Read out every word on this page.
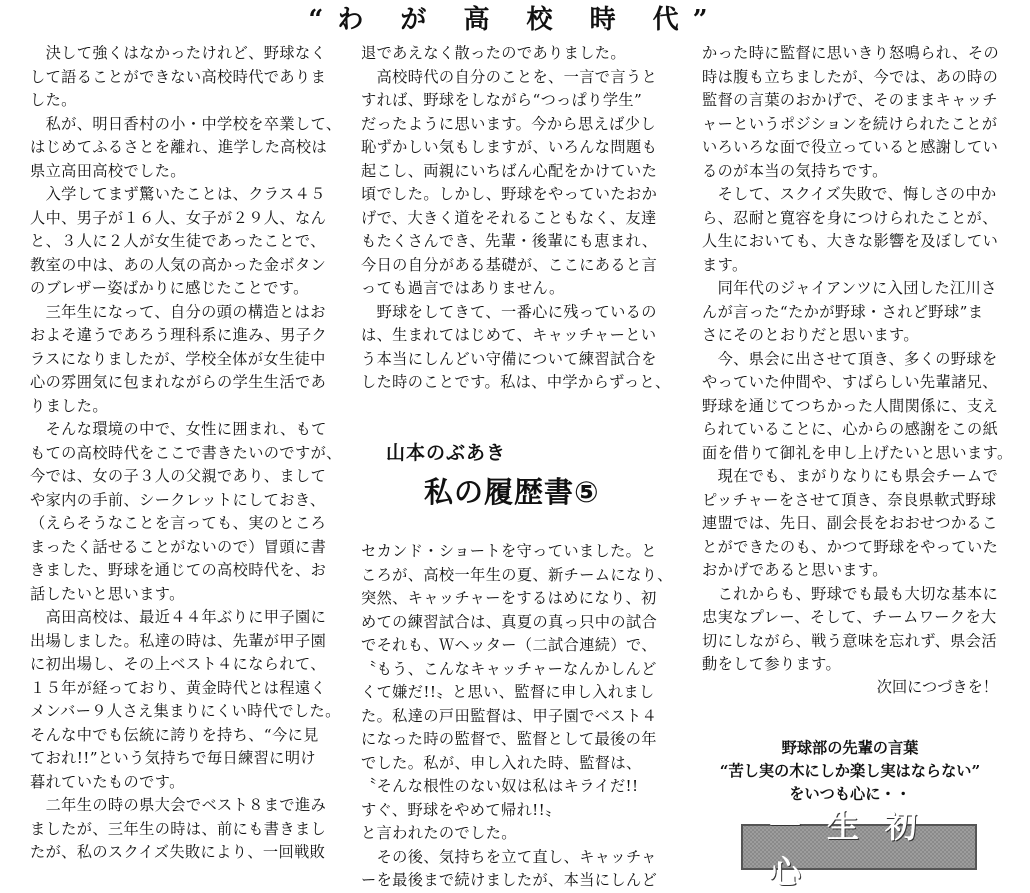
“わ が 高 校 時 代”

　決して強くはなかったけれど、野球なく

して語ることができない高校時代でありま

した。

　私が、明日香村の小・中学校を卒業して、

はじめてふるさとを離れ、進学した高校は

県立高田高校でした。

　入学してまず驚いたことは、クラス４５

人中、男子が１６人、女子が２９人、なん

と、３人に２人が女生徒であったことで、

教室の中は、あの人気の高かった金ボタン

のブレザー姿ばかりに感じたことです。

　三年生になって、自分の頭の構造とはお

およそ違うであろう理科系に進み、男子ク

ラスになりましたが、学校全体が女生徒中

心の雰囲気に包まれながらの学生生活であ

りました。

　そんな環境の中で、女性に囲まれ、もて

もての高校時代をここで書きたいのですが、

今では、女の子３人の父親であり、まして

や家内の手前、シークレットにしておき、

（えらそうなことを言っても、実のところ

まったく話せることがないので）冒頭に書

きました、野球を通じての高校時代を、お

話したいと思います。

　高田高校は、最近４４年ぶりに甲子園に

出場しました。私達の時は、先輩が甲子園

に初出場し、その上ベスト４になられて、

１５年が経っており、黄金時代とは程遠く

メンバー９人さえ集まりにくい時代でした。

そんな中でも伝統に誇りを持ち、“今に見

ておれ!!”という気持ちで毎日練習に明け

暮れていたものです。

　二年生の時の県大会でベスト８まで進み

ましたが、三年生の時は、前にも書きまし

たが、私のスクイズ失敗により、一回戦敗

退であえなく散ったのでありました。

　高校時代の自分のことを、一言で言うと

すれば、野球をしながら“つっぱり学生”

だったように思います。今から思えば少し

恥ずかしい気もしますが、いろんな問題も

起こし、両親にいちばん心配をかけていた

頃でした。しかし、野球をやっていたおか

げで、大きく道をそれることもなく、友達

もたくさんでき、先輩・後輩にも恵まれ、

今日の自分がある基礎が、ここにあると言

っても過言ではありません。

　野球をしてきて、一番心に残っているの

は、生まれてはじめて、キャッチャーとい

う本当にしんどい守備について練習試合を

した時のことです。私は、中学からずっと、

山本のぶあき
私の履歴書⑤

セカンド・ショートを守っていました。と

ころが、高校一年生の夏、新チームになり、

突然、キャッチャーをするはめになり、初

めての練習試合は、真夏の真っ只中の試合

でそれも、Ｗヘッター（二試合連続）で、

〝もう、こんなキャッチャーなんかしんど

くて嫌だ!!〟と思い、監督に申し入れまし

た。私達の戸田監督は、甲子園でベスト４

になった時の監督で、監督として最後の年

でした。私が、申し入れた時、監督は、

〝そんな根性のない奴は私はキライだ!!

すぐ、野球をやめて帰れ!!〟

と言われたのでした。

　その後、気持ちを立て直し、キャッチャ

ーを最後まで続けましたが、本当にしんど

かった時に監督に思いきり怒鳴られ、その

時は腹も立ちましたが、今では、あの時の

監督の言葉のおかげで、そのままキャッチ

ャーというポジションを続けられたことが

いろいろな面で役立っていると感謝してい

るのが本当の気持ちです。

　そして、スクイズ失敗で、悔しさの中か

ら、忍耐と寛容を身につけられたことが、

人生においても、大きな影響を及ぼしてい

ます。

　同年代のジャイアンツに入団した江川さ

んが言った“たかが野球・されど野球”ま

さにそのとおりだと思います。

　今、県会に出させて頂き、多くの野球を

やっていた仲間や、すばらしい先輩諸兄、

野球を通じてつちかった人間関係に、支え

られていることに、心からの感謝をこの紙

面を借りて御礼を申し上げたいと思います。

　現在でも、まがりなりにも県会チームで

ピッチャーをさせて頂き、奈良県軟式野球

連盟では、先日、副会長をおおせつかるこ

とができたのも、かつて野球をやっていた

おかげであると思います。

　これからも、野球でも最も大切な基本に

忠実なプレー、そして、チームワークを大

切にしながら、戦う意味を忘れず、県会活

動をして参ります。

次回につづきを！
野球部の先輩の言葉
“苦し実の木にしか楽し実はならない”
をいつも心に・・
一生初心
